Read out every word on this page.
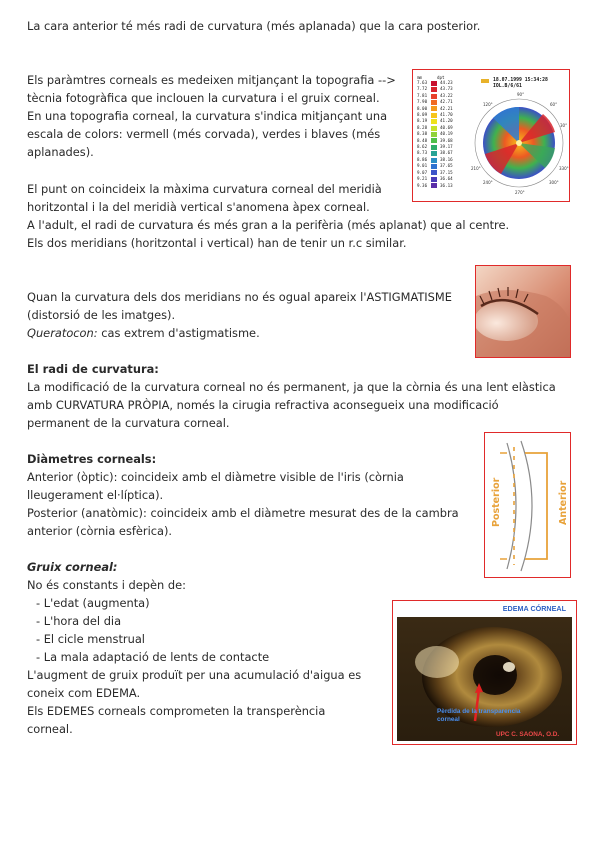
La cara anterior té més radi de curvatura (més aplanada) que la cara posterior.
Els paràmtres corneals es medeixen mitjançant la topografia -->
tècnia fotogràfica que inclouen la curvatura i el gruix corneal.
En una topografia corneal, la curvatura s'indica mitjançant una
escala de colors: vermell (més corvada), verdes i blaves (més
aplanades).
El punt on coincideix la màxima curvatura corneal del meridià
horitzontal i la del meridià vertical s'anomena àpex corneal.
A l'adult, el radi de curvatura és més gran a la perifèria (més aplanat) que al centre.
Els dos meridians (horitzontal i vertical) han de tenir un r.c similar.
Quan la curvatura dels dos meridians no és ogual apareix l'ASTIGMATISME
(distorsió de les imatges).
Queratocon: cas extrem d'astigmatisme.
El radi de curvatura:
La modificació de la curvatura corneal no és permanent, ja que la còrnia és una lent elàstica
amb CURVATURA PRÒPIA, només la cirugia refractiva aconsegueix una modificació
permanent de la curvatura corneal.
Diàmetres corneals:
Anterior (òptic): coincideix amb el diàmetre visible de l'iris (còrnia
lleugerament el·líptica).
Posterior (anatòmic): coincideix amb el diàmetre mesurat des de la cambra
anterior (còrnia esfèrica).
Gruix corneal:
No és constants i depèn de:
- L'edat (augmenta)
- L'hora del dia
- El cicle menstrual
- La mala adaptació de lents de contacte
L'augment de gruix produït per una acumulació d'aigua es
coneix com EDEMA.
Els EDEMES corneals comprometen la transperència
corneal.
mm	dpt
7.63	44.23
7.72	43.73
7.81	43.22
7.90	42.71
8.00	42.21
8.09	41.70
8.19	41.20
8.28	40.69
8.38	40.19
8.48	39.68
8.62	39.17
8.73	38.67
8.86	38.16
9.01	37.65
9.07	37.15
9.21	36.64
9.36	36.13
18.07.1999 15:34:28
IOL.B/6/61
90°
120°	60°
30°
210°	330°
240°	300°
270°
Posterior	Anterior
EDEMA CÓRNEAL
Pèrdida de la transparencia
corneal
UPC C. SAONA, O.D.
